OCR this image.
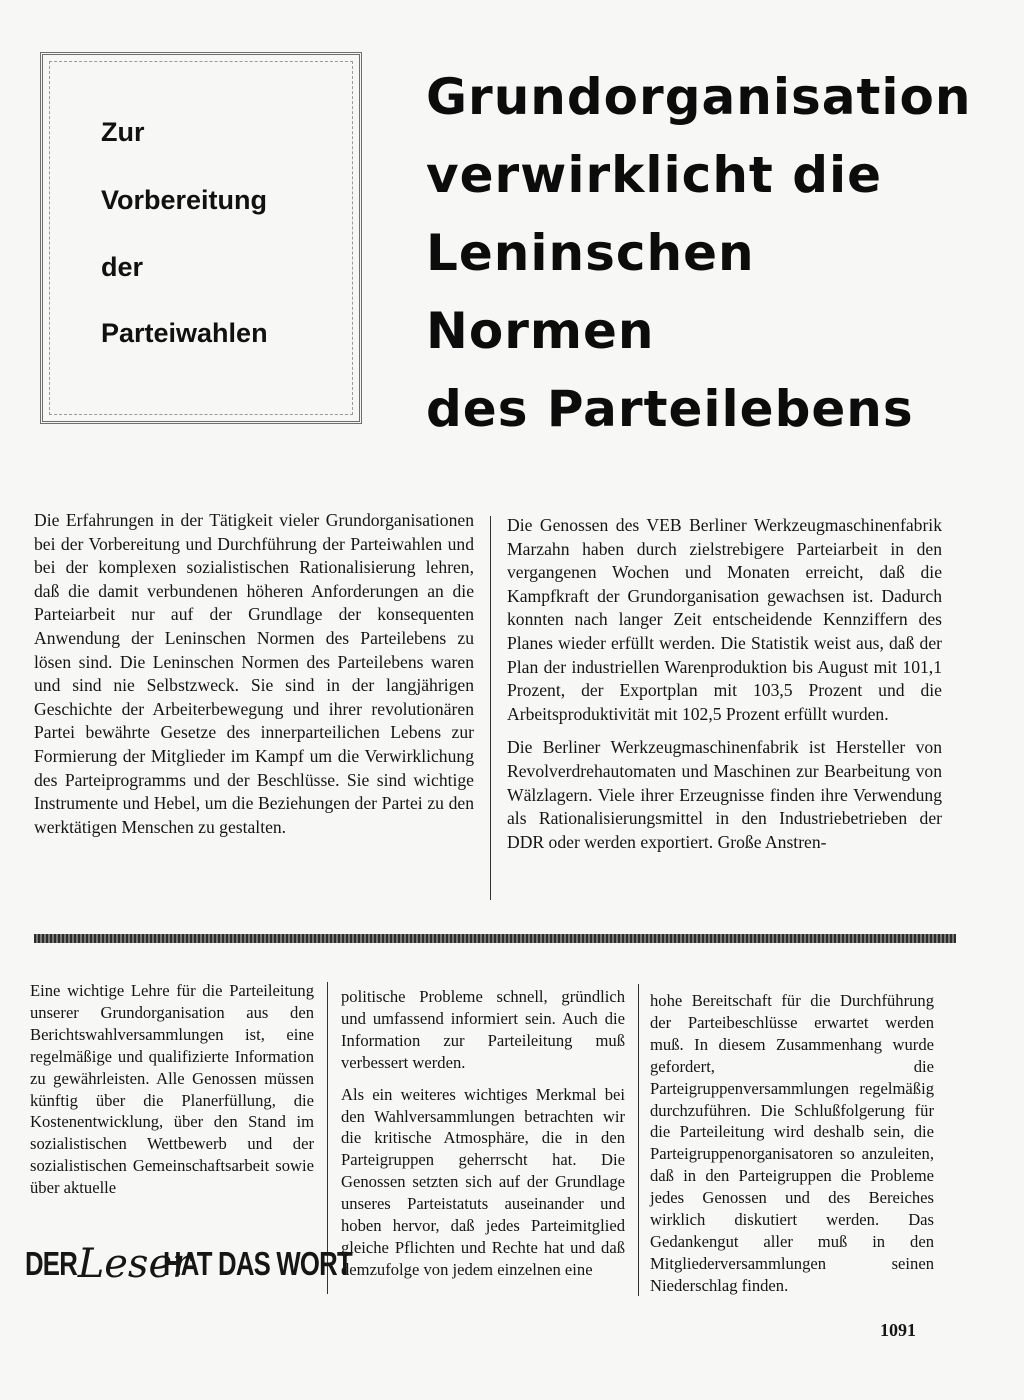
Zur
Vorbereitung
der
Parteiwahlen
Grundorganisation
verwirklicht die
Leninschen
Normen
des Parteilebens

Die Erfahrungen in der Tätigkeit vieler Grundorganisationen bei der Vorbereitung und Durchführung der Parteiwahlen und bei der komplexen sozialistischen Rationalisierung lehren, daß die damit verbundenen höheren Anforderungen an die Parteiarbeit nur auf der Grundlage der konsequenten Anwendung der Leninschen Normen des Parteilebens zu lösen sind. Die Leninschen Normen des Parteilebens waren und sind nie Selbstzweck. Sie sind in der langjährigen Geschichte der Arbeiterbewegung und ihrer revolutionären Partei bewährte Gesetze des innerparteilichen Lebens zur Formierung der Mitglieder im Kampf um die Verwirklichung des Parteiprogramms und der Beschlüsse. Sie sind wichtige Instrumente und Hebel, um die Beziehungen der Partei zu den werktätigen Menschen zu gestalten.

Die Genossen des VEB Berliner Werkzeugmaschinenfabrik Marzahn haben durch zielstrebigere Parteiarbeit in den vergangenen Wochen und Monaten erreicht, daß die Kampfkraft der Grundorganisation gewachsen ist. Dadurch konnten nach langer Zeit entscheidende Kennziffern des Planes wieder erfüllt werden. Die Statistik weist aus, daß der Plan der industriellen Warenproduktion bis August mit 101,1 Prozent, der Exportplan mit 103,5 Prozent und die Arbeitsproduktivität mit 102,5 Prozent erfüllt wurden.

Die Berliner Werkzeugmaschinenfabrik ist Hersteller von Revolverdrehautomaten und Maschinen zur Bearbeitung von Wälzlagern. Viele ihrer Erzeugnisse finden ihre Verwendung als Rationalisierungsmittel in den Industriebetrieben der DDR oder werden exportiert. Große Anstren-

Eine wichtige Lehre für die Parteileitung unserer Grundorganisation aus den Berichtswahlversammlungen ist, eine regelmäßige und qualifizierte Information zu gewährleisten. Alle Genossen müssen künftig über die Planerfüllung, die Kostenentwicklung, über den Stand im sozialistischen Wettbewerb und der sozialistischen Gemeinschaftsarbeit sowie über aktuelle

politische Probleme schnell, gründlich und umfassend informiert sein. Auch die Information zur Parteileitung muß verbessert werden.

Als ein weiteres wichtiges Merkmal bei den Wahlversammlungen betrachten wir die kritische Atmosphäre, die in den Parteigruppen geherrscht hat. Die Genossen setzten sich auf der Grundlage unseres Parteistatuts auseinander und hoben hervor, daß jedes Parteimitglied gleiche Pflichten und Rechte hat und daß demzufolge von jedem einzelnen eine

hohe Bereitschaft für die Durchführung der Parteibeschlüsse erwartet werden muß. In diesem Zusammenhang wurde gefordert, die Parteigruppenversammlungen regelmäßig durchzuführen. Die Schlußfolgerung für die Parteileitung wird deshalb sein, die Parteigruppenorganisatoren so anzuleiten, daß in den Parteigruppen die Probleme jedes Genossen und des Bereiches wirklich diskutiert werden. Das Gedankengut aller muß in den Mitgliederversammlungen seinen Niederschlag finden.

DER Leser
HAT DAS WORT
1091
